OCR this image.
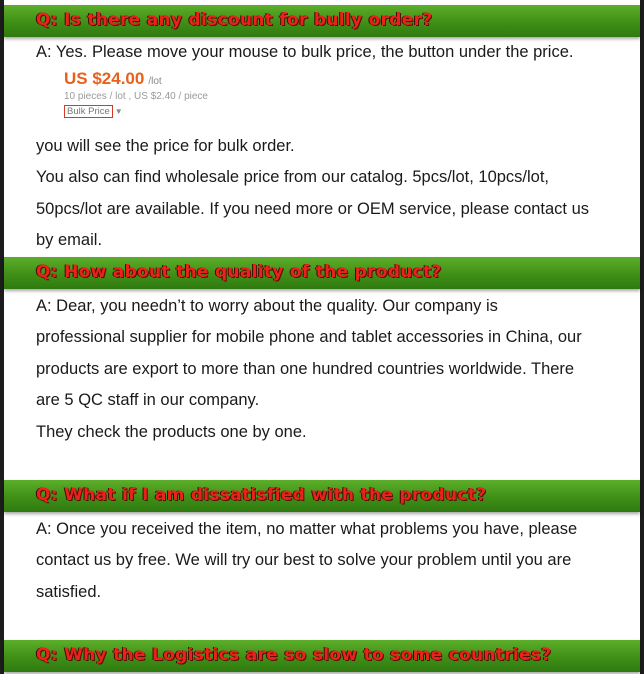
Q: Is there any discount for bully order?
A: Yes. Please move your mouse to bulk price, the button under the price.
US $24.00 /lot
10 pieces / lot , US $2.40 / piece
Bulk Price ▼
you will see the price for bulk order.
You also can find wholesale price from our catalog. 5pcs/lot, 10pcs/lot,
50pcs/lot are available. If you need more or OEM service, please contact us
by email.
Q: How about the quality of the product?
A: Dear, you needn’t to worry about the quality. Our company is
professional supplier for mobile phone and tablet accessories in China, our
products are export to more than one hundred countries worldwide. There
are 5 QC staff in our company.
They check the products one by one.
Q: What if I am dissatisfied with the product?
A: Once you received the item, no matter what problems you have, please
contact us by free. We will try our best to solve your problem until you are
satisfied.
Q: Why the Logistics are so slow to some countries?
